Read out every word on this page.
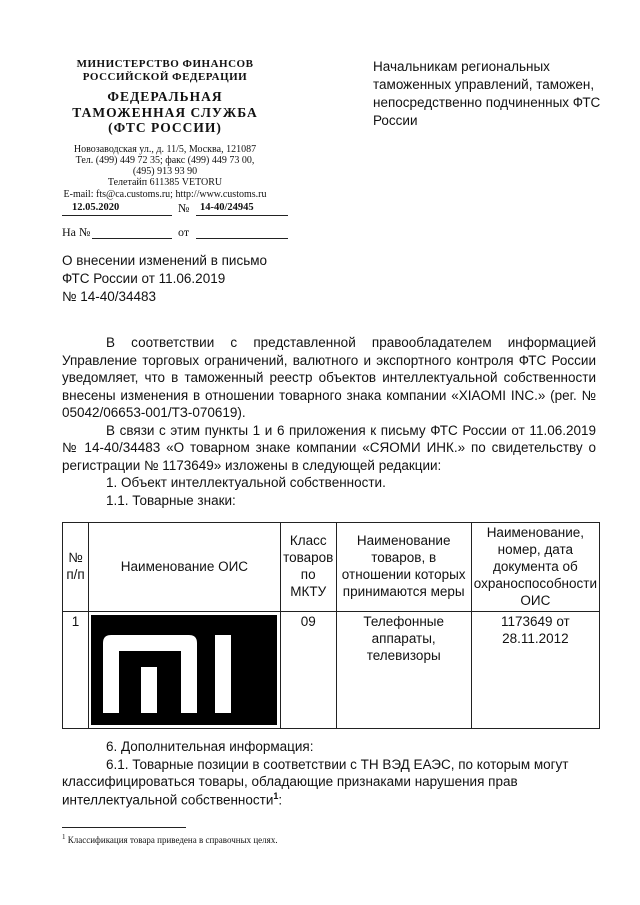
МИНИСТЕРСТВО ФИНАНСОВ
РОССИЙСКОЙ ФЕДЕРАЦИИ
ФЕДЕРАЛЬНАЯ
ТАМОЖЕННАЯ СЛУЖБА
(ФТС РОССИИ)
Новозаводская ул., д. 11/5, Москва, 121087
Тел. (499) 449 72 35; факс (499) 449 73 00,
(495) 913 93 90
Телетайп 611385 VETORU
E-mail: fts@ca.customs.ru; http://www.customs.ru
Начальникам региональных таможенных управлений, таможен, непосредственно подчиненных ФТС России
12.05.2020	№ 14-40/24945
На №	от
О внесении изменений в письмо
ФТС России от 11.06.2019
№ 14-40/34483

В соответствии с представленной правообладателем информацией Управление торговых ограничений, валютного и экспортного контроля ФТС России уведомляет, что в таможенный реестр объектов интеллектуальной собственности внесены изменения в отношении товарного знака компании «XIAOMI INC.» (рег. № 05042/06653-001/ТЗ-070619).

В связи с этим пункты 1 и 6 приложения к письму ФТС России от 11.06.2019 № 14-40/34483 «О товарном знаке компании «СЯОМИ ИНК.» по свидетельству о регистрации № 1173649» изложены в следующей редакции:

1. Объект интеллектуальной собственности.
1.1. Товарные знаки:
№ п/п	Наименование ОИС	Класс товаров по МКТУ	Наименование товаров, в отношении которых принимаются меры	Наименование, номер, дата документа об охраноспособности ОИС
1		09	Телефонные аппараты, телевизоры	1173649 от 28.11.2012
6. Дополнительная информация:
6.1. Товарные позиции в соответствии с ТН ВЭД ЕАЭС, по которым могут классифицироваться товары, обладающие признаками нарушения прав интеллектуальной собственности$^1$:
$^1$ Классификация товара приведена в справочных целях.
